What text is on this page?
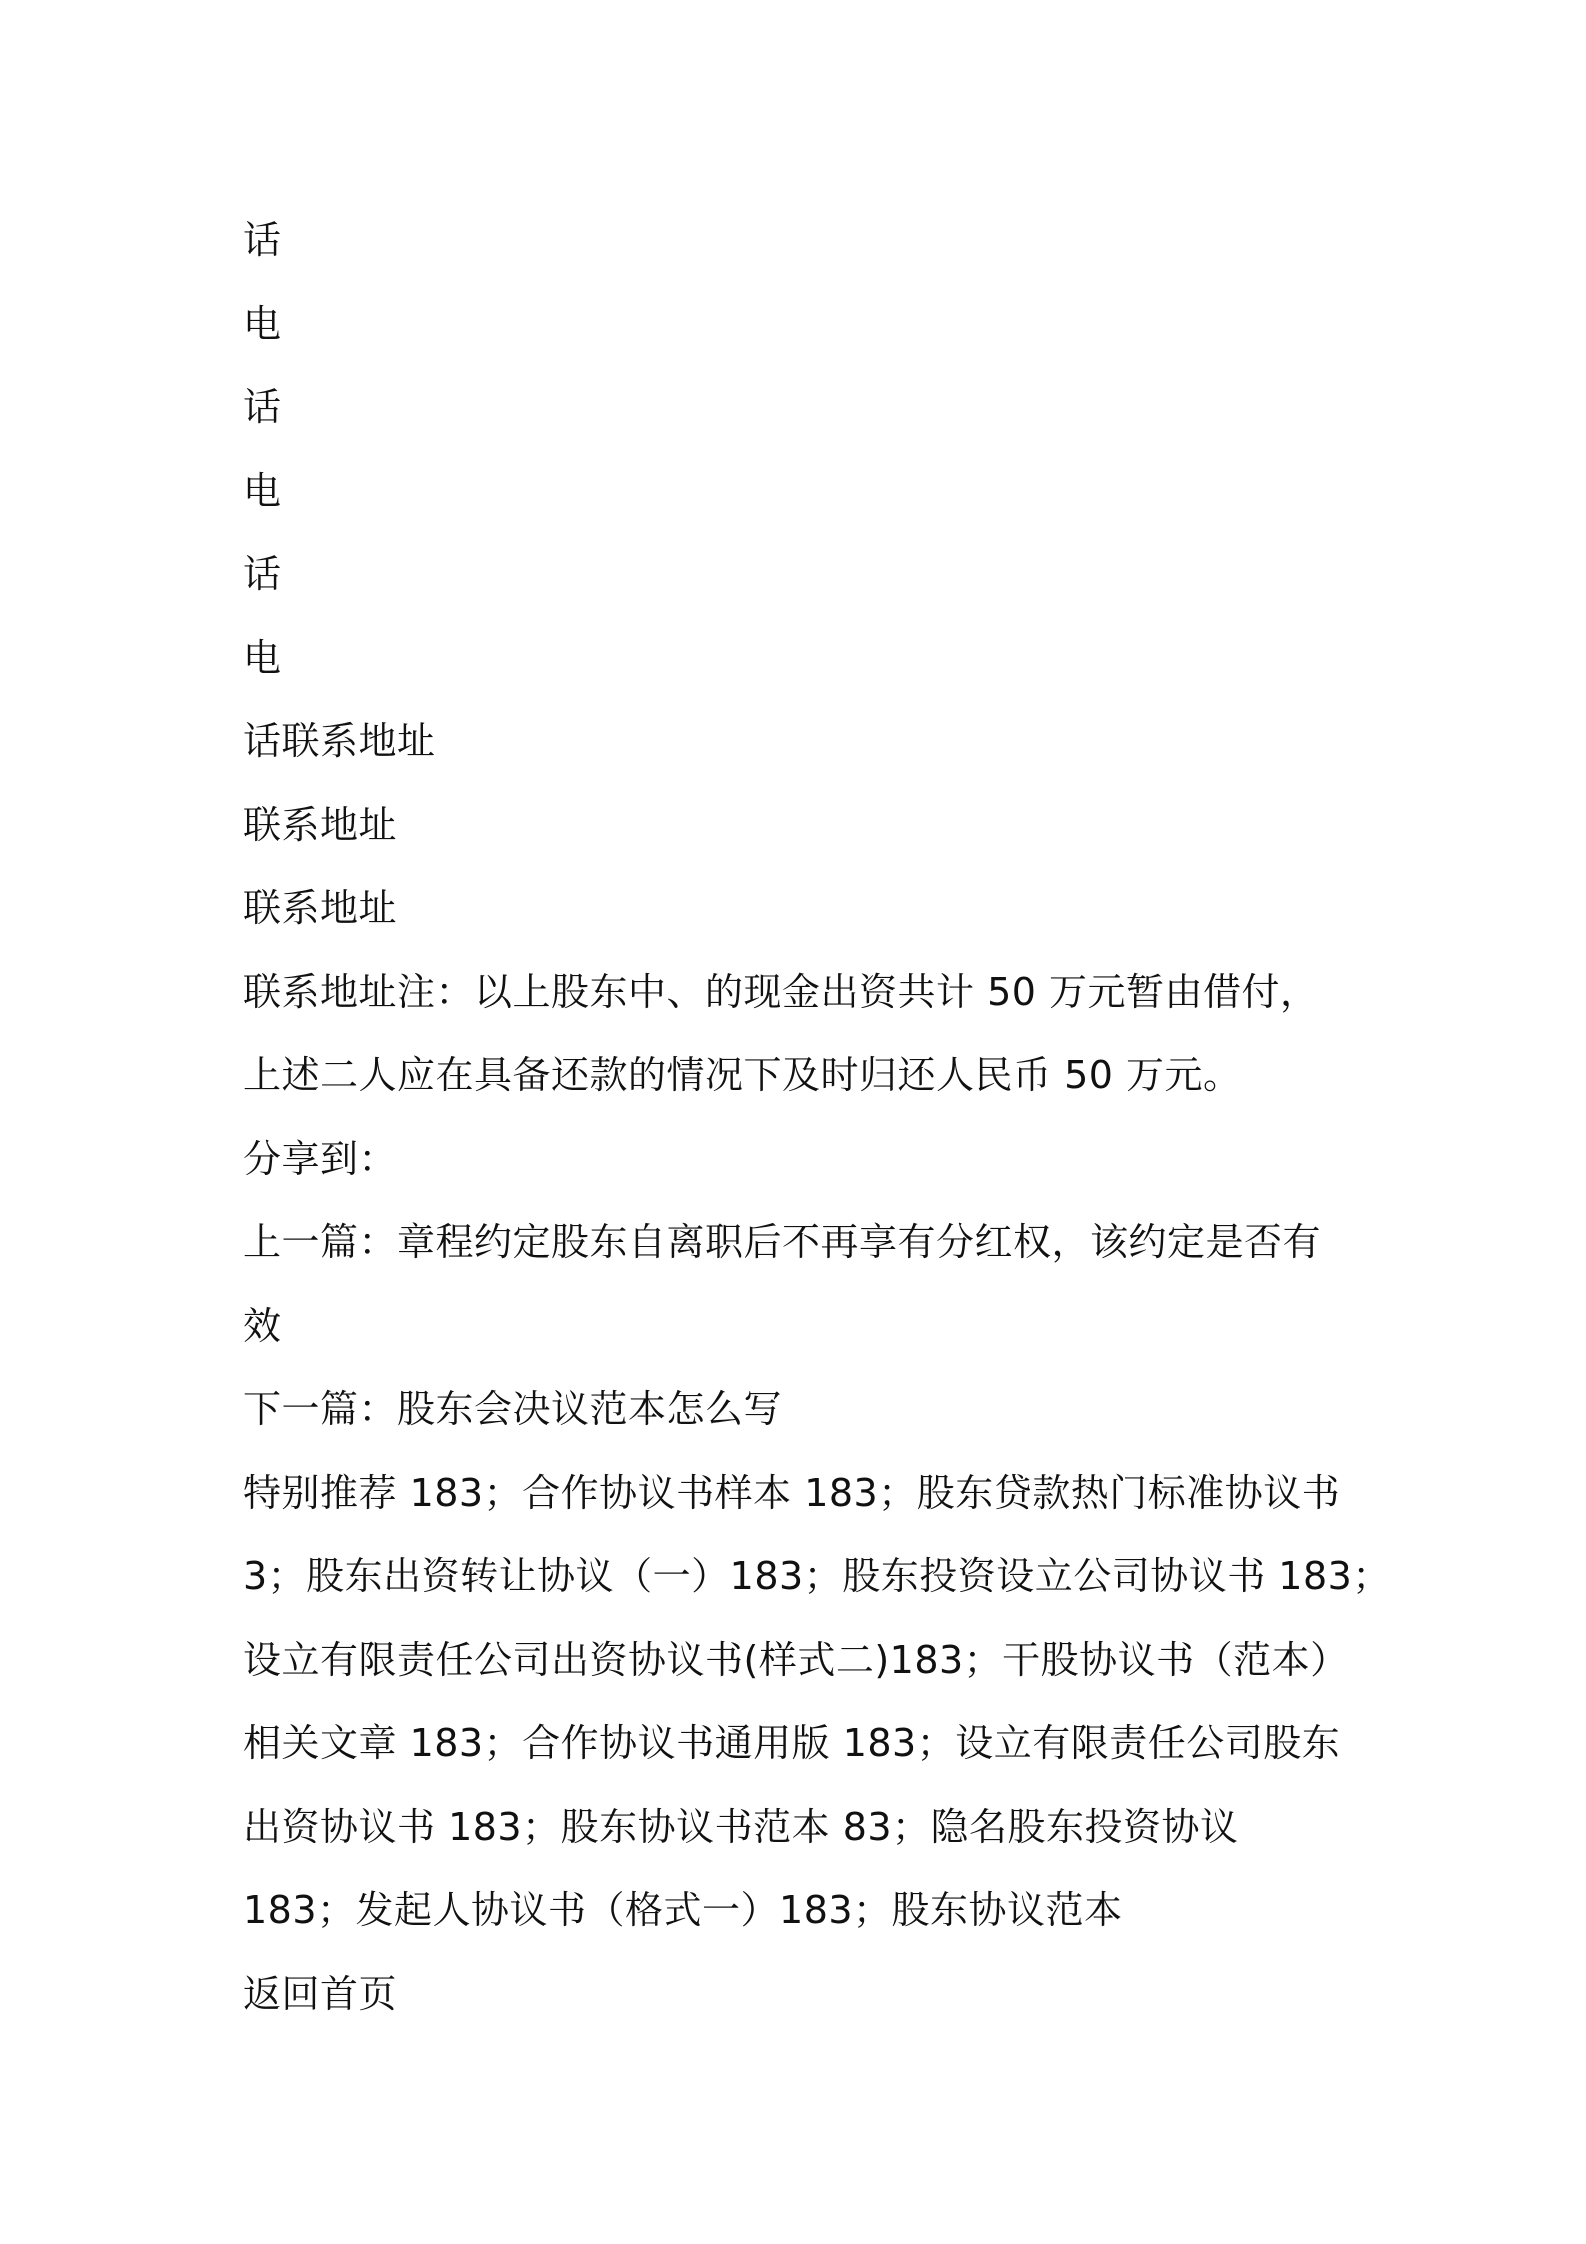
话
电
话
电
话
电
话联系地址
联系地址
联系地址
联系地址注：以上股东中、的现金出资共计 50 万元暂由借付，
上述二人应在具备还款的情况下及时归还人民币 50 万元。
分享到：
上一篇：章程约定股东自离职后不再享有分红权，该约定是否有
效
下一篇：股东会决议范本怎么写
特别推荐 183；合作协议书样本 183；股东贷款热门标准协议书
3；股东出资转让协议（一）183；股东投资设立公司协议书 183；
设立有限责任公司出资协议书(样式二)183；干股协议书（范本）
相关文章 183；合作协议书通用版 183；设立有限责任公司股东
出资协议书 183；股东协议书范本 83；隐名股东投资协议
183；发起人协议书（格式一）183；股东协议范本
返回首页
